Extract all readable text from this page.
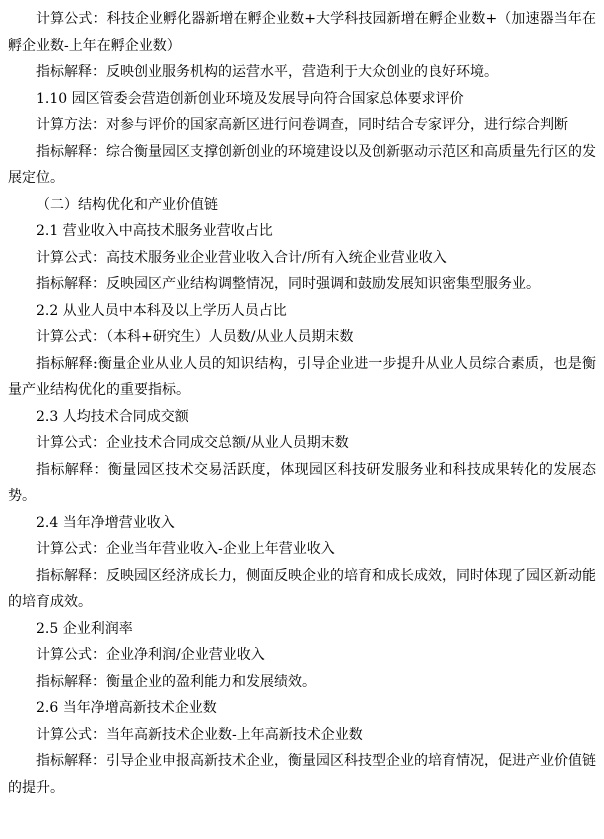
计算公式：科技企业孵化器新增在孵企业数+大学科技园新增在孵企业数+（加速器当年在孵企业数-上年在孵企业数）

指标解释：反映创业服务机构的运营水平，营造利于大众创业的良好环境。

1.10 园区管委会营造创新创业环境及发展导向符合国家总体要求评价

计算方法：对参与评价的国家高新区进行问卷调查，同时结合专家评分，进行综合判断

指标解释：综合衡量园区支撑创新创业的环境建设以及创新驱动示范区和高质量先行区的发展定位。

（二）结构优化和产业价值链

2.1 营业收入中高技术服务业营收占比

计算公式：高技术服务业企业营业收入合计/所有入统企业营业收入

指标解释：反映园区产业结构调整情况，同时强调和鼓励发展知识密集型服务业。

2.2 从业人员中本科及以上学历人员占比

计算公式：（本科+研究生）人员数/从业人员期末数

指标解释:衡量企业从业人员的知识结构，引导企业进一步提升从业人员综合素质，也是衡量产业结构优化的重要指标。

2.3 人均技术合同成交额

计算公式：企业技术合同成交总额/从业人员期末数

指标解释：衡量园区技术交易活跃度，体现园区科技研发服务业和科技成果转化的发展态势。

2.4 当年净增营业收入

计算公式：企业当年营业收入-企业上年营业收入

指标解释：反映园区经济成长力，侧面反映企业的培育和成长成效，同时体现了园区新动能的培育成效。

2.5 企业利润率

计算公式：企业净利润/企业营业收入

指标解释：衡量企业的盈利能力和发展绩效。

2.6 当年净增高新技术企业数

计算公式：当年高新技术企业数-上年高新技术企业数

指标解释：引导企业申报高新技术企业，衡量园区科技型企业的培育情况，促进产业价值链的提升。
